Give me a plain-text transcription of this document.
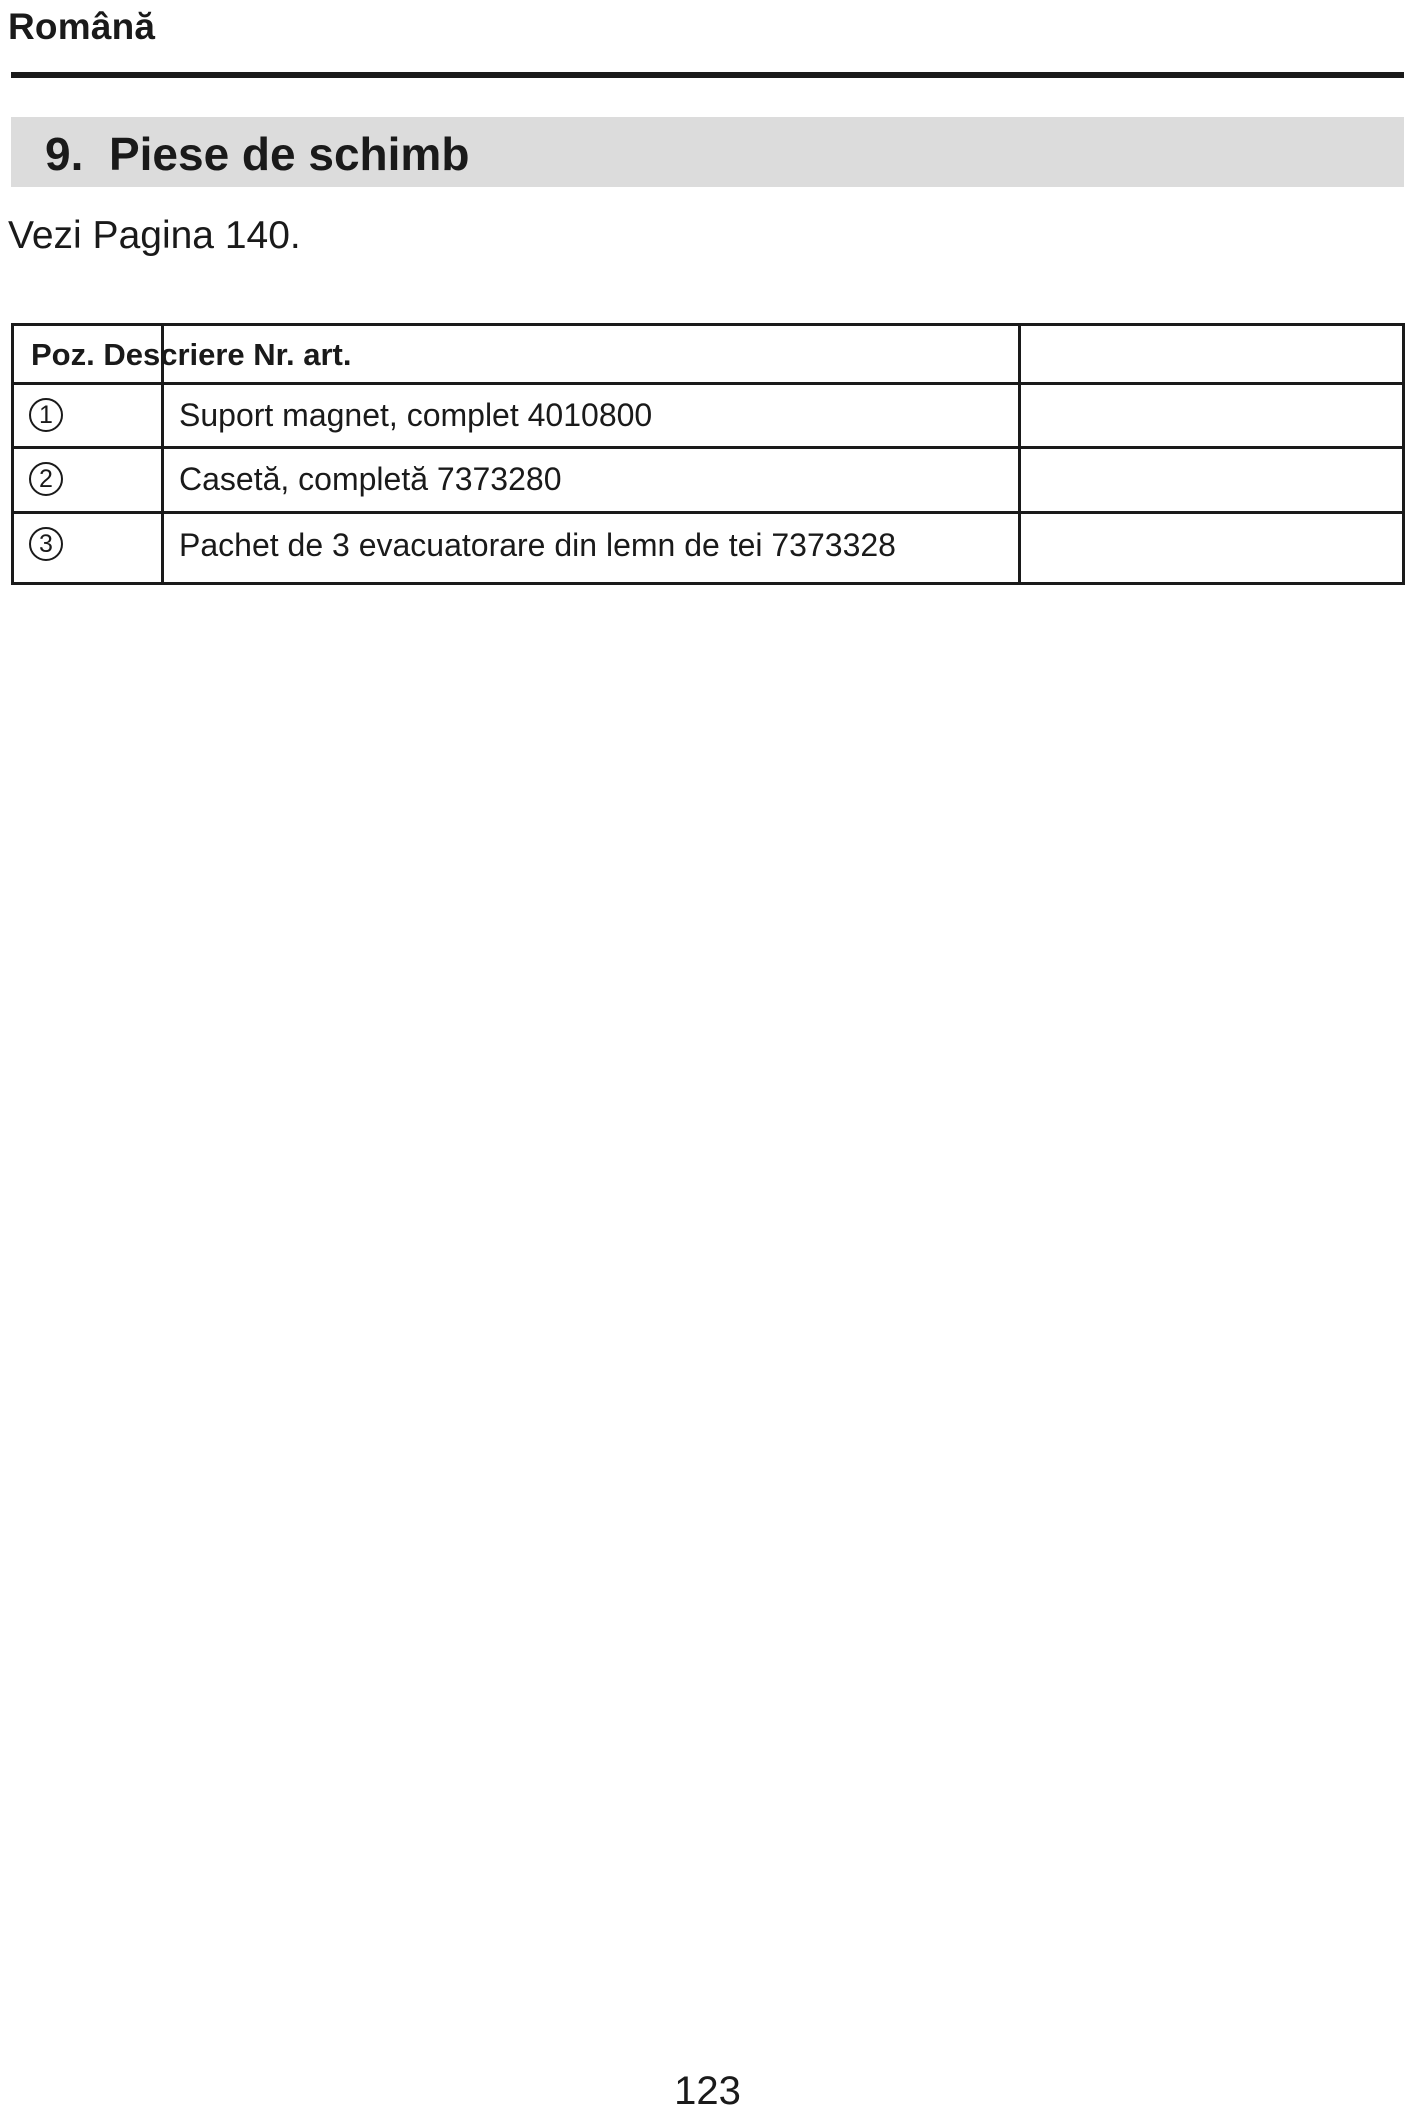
Română
9. Piese de schimb

Vezi Pagina 140.

Poz. Descriere Nr. art.
1	Suport magnet, complet 4010800
2	Casetă, completă 7373280
3	Pachet de 3 evacuatorare din lemn de tei 7373328
123
